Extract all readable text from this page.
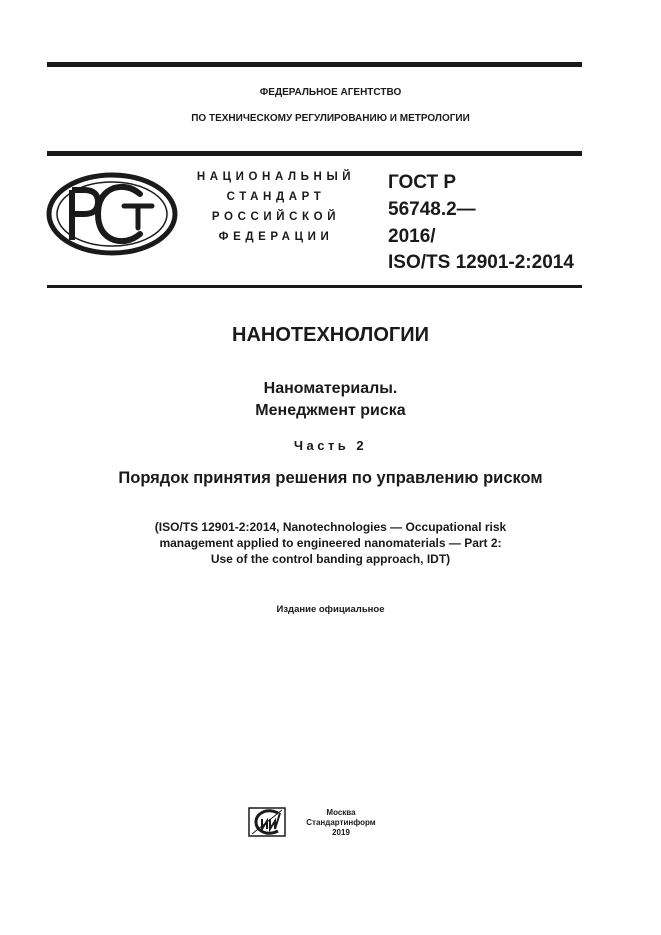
ФЕДЕРАЛЬНОЕ АГЕНТСТВО
ПО ТЕХНИЧЕСКОМУ РЕГУЛИРОВАНИЮ И МЕТРОЛОГИИ
НАЦИОНАЛЬНЫЙ
СТАНДАРТ
РОССИЙСКОЙ
ФЕДЕРАЦИИ
ГОСТ Р
56748.2—
2016/
ISO/TS 12901-2:2014
НАНОТЕХНОЛОГИИ
Наноматериалы.
Менеджмент риска
Часть 2
Порядок принятия решения по управлению риском
(ISO/TS 12901-2:2014, Nanotechnologies — Occupational risk
management applied to engineered nanomaterials — Part 2:
Use of the control banding approach, IDT)
Издание официальное
Москва
Стандартинформ
2019
